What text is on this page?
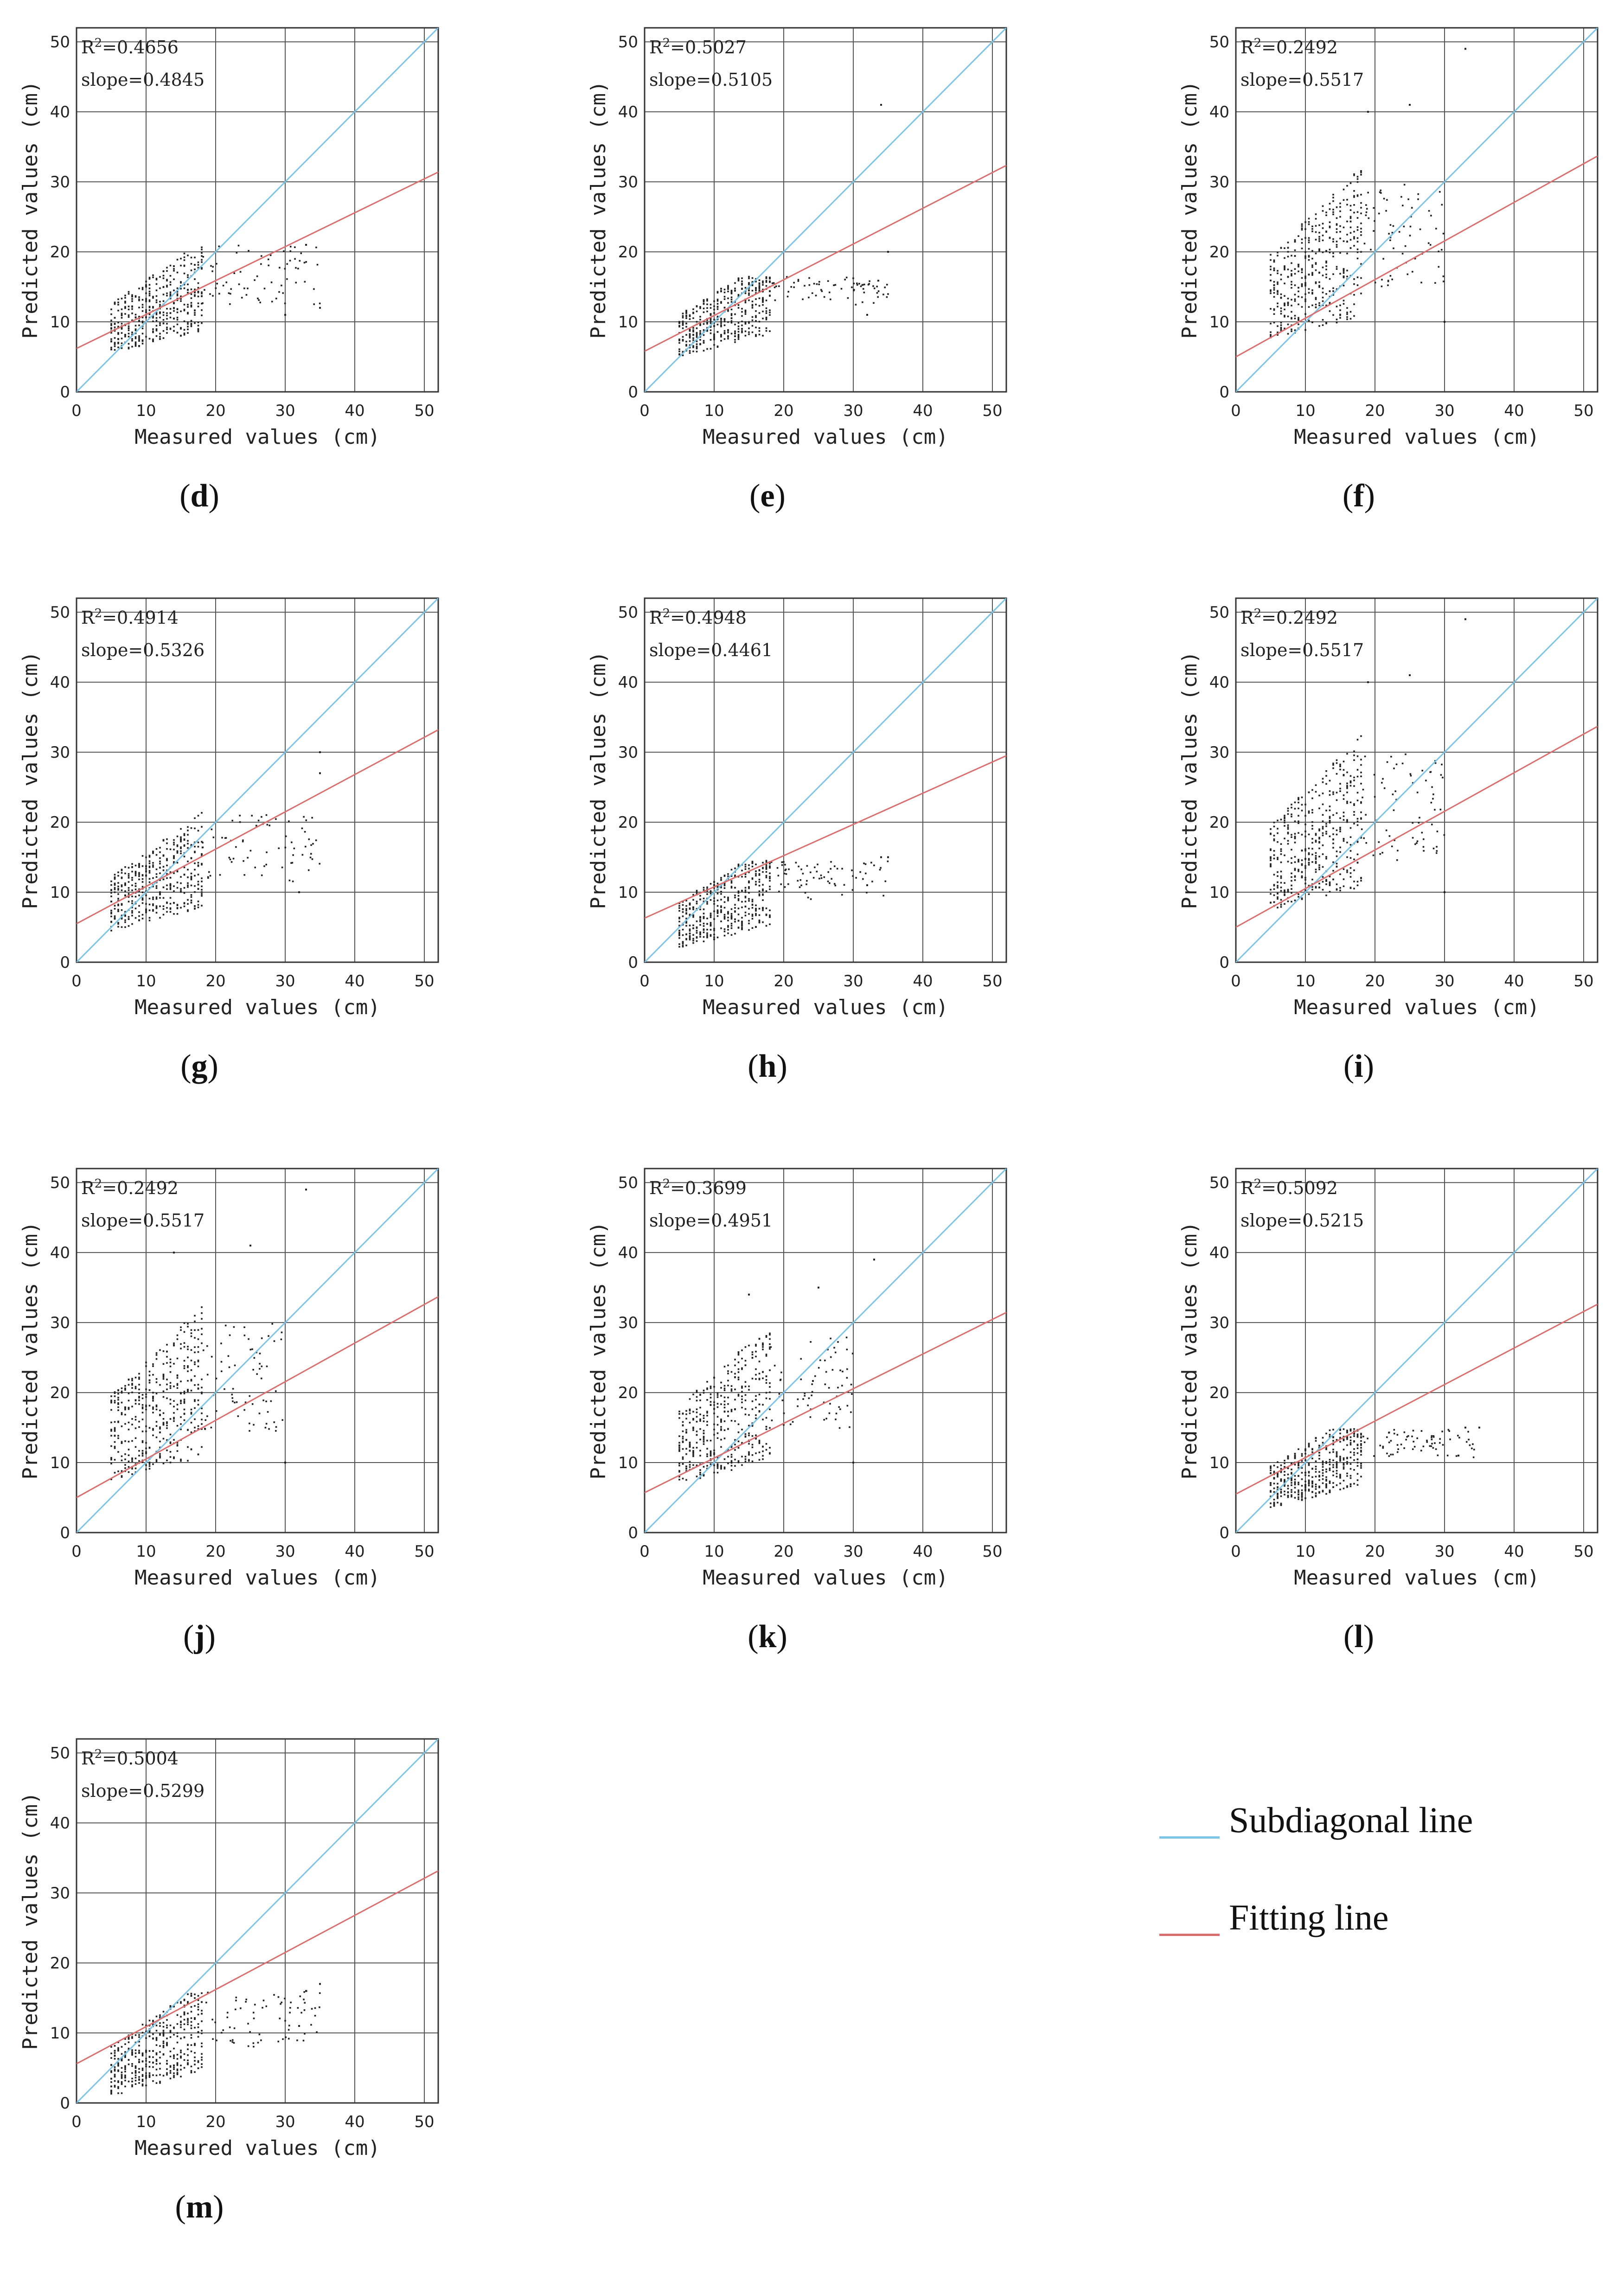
0	10	20	30	40	50
0
10
20
30
40
50
Measured values (cm)
Predicted values (cm)
$R^2=0.4656$
slope=0.4845
(d)
0	10	20	30	40	50
0
10
20
30
40
50
Measured values (cm)
Predicted values (cm)
$R^2=0.5027$
slope=0.5105
(e)
0	10	20	30	40	50
0
10
20
30
40
50
Measured values (cm)
Predicted values (cm)
$R^2=0.2492$
slope=0.5517
(f)
0	10	20	30	40	50
0
10
20
30
40
50
Measured values (cm)
Predicted values (cm)
$R^2=0.4914$
slope=0.5326
(g)
0	10	20	30	40	50
0
10
20
30
40
50
Measured values (cm)
Predicted values (cm)
$R^2=0.4948$
slope=0.4461
(h)
0	10	20	30	40	50
0
10
20
30
40
50
Measured values (cm)
Predicted values (cm)
$R^2=0.2492$
slope=0.5517
(i)
0	10	20	30	40	50
0
10
20
30
40
50
Measured values (cm)
Predicted values (cm)
$R^2=0.2492$
slope=0.5517
(j)
0	10	20	30	40	50
0
10
20
30
40
50
Measured values (cm)
Predicted values (cm)
$R^2=0.3699$
slope=0.4951
(k)
0	10	20	30	40	50
0
10
20
30
40
50
Measured values (cm)
Predicted values (cm)
$R^2=0.5092$
slope=0.5215
(l)
0	10	20	30	40	50
0
10
20
30
40
50
Measured values (cm)
Predicted values (cm)
$R^2=0.5004$
slope=0.5299
(m)
Subdiagonal line
Fitting line
